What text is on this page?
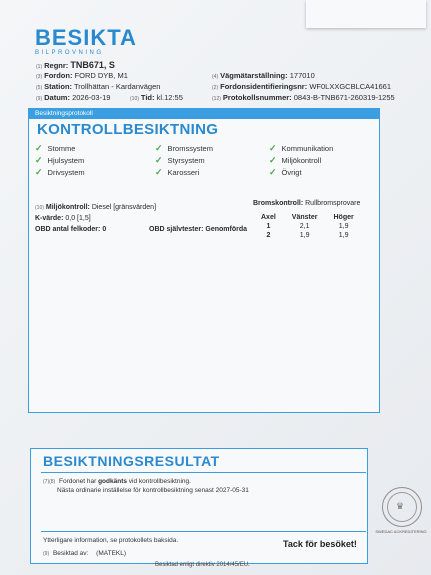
BESIKTA
BILPROVNING
(1) Regnr: TNB671, S
(3) Fordon: FORD DYB, M1
(5) Station: Trollhättan - Kardanvägen
(9) Datum: 2026-03-19	(10) Tid: kl.12:55
(4) Vägmätarställning: 177010
(2) Fordonsidentifieringsnr: WF0LXXGCBLCA41661
(12) Protokollsnummer: 0843-B-TNB671-260319-1255
Besiktningsprotokoll
KONTROLLBESIKTNING
✓ Stomme	✓ Bromssystem	✓ Kommunikation
✓ Hjulsystem	✓ Styrsystem	✓ Miljökontroll
✓ Drivsystem	✓ Karosseri	✓ Övrigt
(10) Miljökontroll: Diesel [gränsvärden]
K-värde: 0,0 [1,5]
OBD antal felkoder: 0	OBD självtester: Genomförda
Bromskontroll: Rullbromsprovare
Axel	Vänster	Höger
1	2,1	1,9
2	1,9	1,9
BESIKTNINGSRESULTAT
(7)(8) Fordonet har godkänts vid kontrollbesiktning.
Nästa ordinarie inställelse för kontrollbesiktning senast 2027-05-31
Ytterligare information, se protokollets baksida.
(9) Besiktad av: (MATEKL)
Tack för besöket!
♛
SWEDAC ACKREDITERING
Besiktad enligt direktiv 2014/45/EU.
